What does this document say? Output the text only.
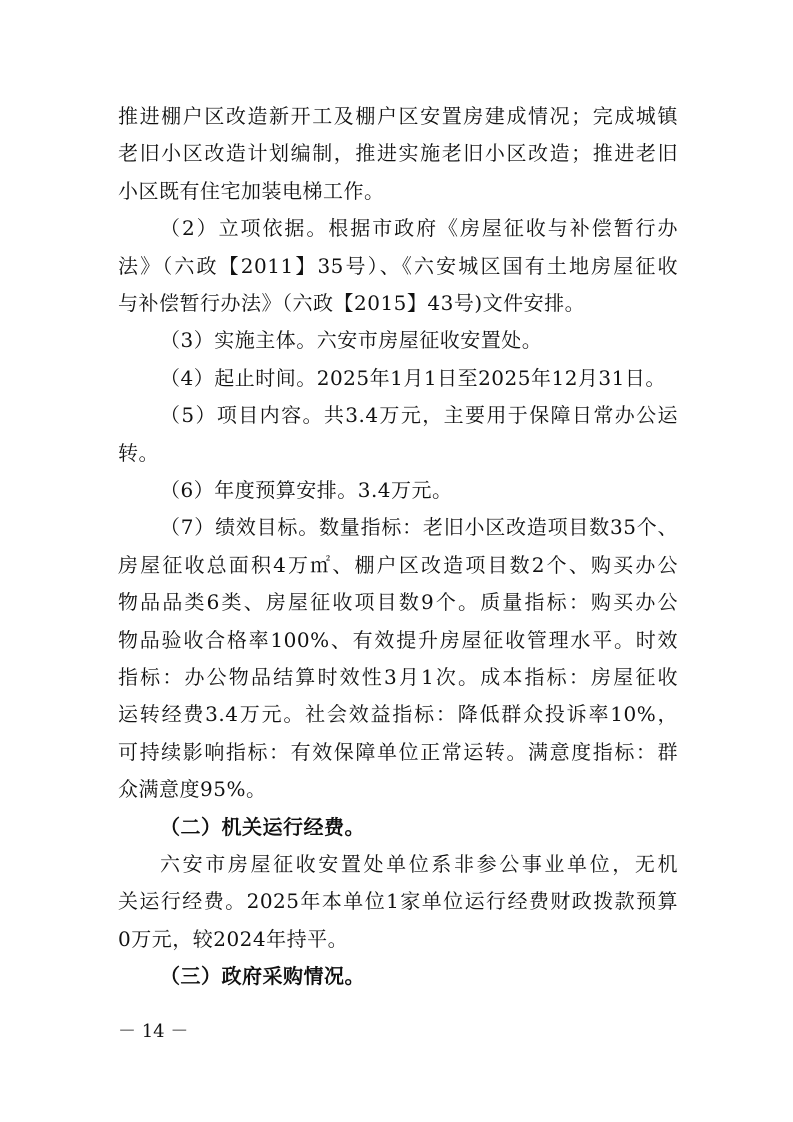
推进棚户区改造新开工及棚户区安置房建成情况；完成城镇
老旧小区改造计划编制，推进实施老旧小区改造；推进老旧
小区既有住宅加装电梯工作。
（2）立项依据。根据市政府《房屋征收与补偿暂行办
法》（六政【2011】35号）、《六安城区国有土地房屋征收
与补偿暂行办法》（六政【2015】43号)文件安排。
（3）实施主体。六安市房屋征收安置处。
（4）起止时间。2025年1月1日至2025年12月31日。
（5）项目内容。共3.4万元，主要用于保障日常办公运
转。
（6）年度预算安排。3.4万元。
（7）绩效目标。数量指标：老旧小区改造项目数35个、
房屋征收总面积4万㎡、棚户区改造项目数2个、购买办公
物品品类6类、房屋征收项目数9个。质量指标：购买办公
物品验收合格率100%、有效提升房屋征收管理水平。时效
指标：办公物品结算时效性3月1次。成本指标：房屋征收
运转经费3.4万元。社会效益指标：降低群众投诉率10%，
可持续影响指标：有效保障单位正常运转。满意度指标：群
众满意度95%。
（二）机关运行经费。
六安市房屋征收安置处单位系非参公事业单位，无机
关运行经费。2025年本单位1家单位运行经费财政拨款预算
0万元，较2024年持平。
（三）政府采购情况。
－ 14 －
